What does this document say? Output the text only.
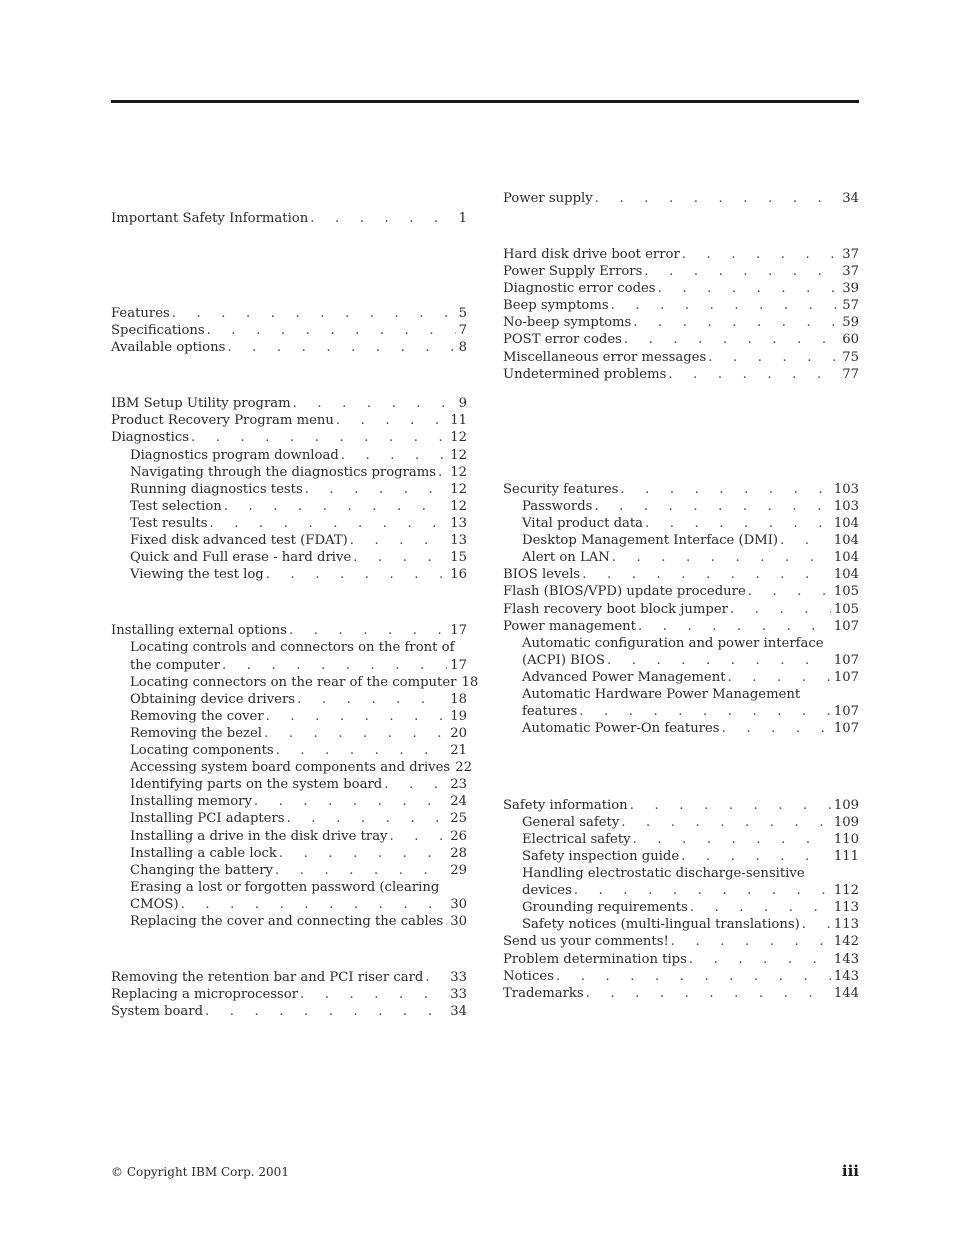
Important Safety Information . . .	1
Features . . .	5
Specifications . . .	7
Available options . . .	8
IBM Setup Utility program . . .	9
Product Recovery Program menu . . .	11
Diagnostics . . .	12
Diagnostics program download . . .	12
Navigating through the diagnostics programs . . . 12
Running diagnostics tests . . .	12
Test selection . . .	12
Test results . . .	13
Fixed disk advanced test (FDAT) . . .	13
Quick and Full erase - hard drive . . .	15
Viewing the test log . . .	16
Installing external options . . .	17
Locating controls and connectors on the front of
the computer . . .	17
Locating connectors on the rear of the computer 18
Obtaining device drivers . . .	18
Removing the cover . . .	19
Removing the bezel . . .	20
Locating components . . .	21
Accessing system board components and drives 22
Identifying parts on the system board . . .	23
Installing memory . . .	24
Installing PCI adapters . . .	25
Installing a drive in the disk drive tray . . .	26
Installing a cable lock . . .	28
Changing the battery . . .	29
Erasing a lost or forgotten password (clearing
CMOS) . . .	30
Replacing the cover and connecting the cables . . . 30
Removing the retention bar and PCI riser card . . . 33
Replacing a microprocessor . . .	33
System board . . .	34
Power supply . . .	34
Hard disk drive boot error . . .	37
Power Supply Errors . . .	37
Diagnostic error codes . . .	39
Beep symptoms . . .	57
No-beep symptoms . . .	59
POST error codes . . .	60
Miscellaneous error messages . . .	75
Undetermined problems . . .	77
Security features . . .	103
Passwords . . .	103
Vital product data . . .	104
Desktop Management Interface (DMI) . . .	104
Alert on LAN . . .	104
BIOS levels . . .	104
Flash (BIOS/VPD) update procedure . . .	105
Flash recovery boot block jumper . . .	105
Power management . . .	107
Automatic configuration and power interface
(ACPI) BIOS . . .	107
Advanced Power Management . . .	107
Automatic Hardware Power Management
features . . .	107
Automatic Power-On features . . .	107
Safety information . . .	109
General safety . . .	109
Electrical safety . . .	110
Safety inspection guide . . .	111
Handling electrostatic discharge-sensitive
devices . . .	112
Grounding requirements . . .	113
Safety notices (multi-lingual translations) . . .	113
Send us your comments! . . .	142
Problem determination tips . . .	143
Notices . . .	143
Trademarks . . .	144
© Copyright IBM Corp. 2001	iii
